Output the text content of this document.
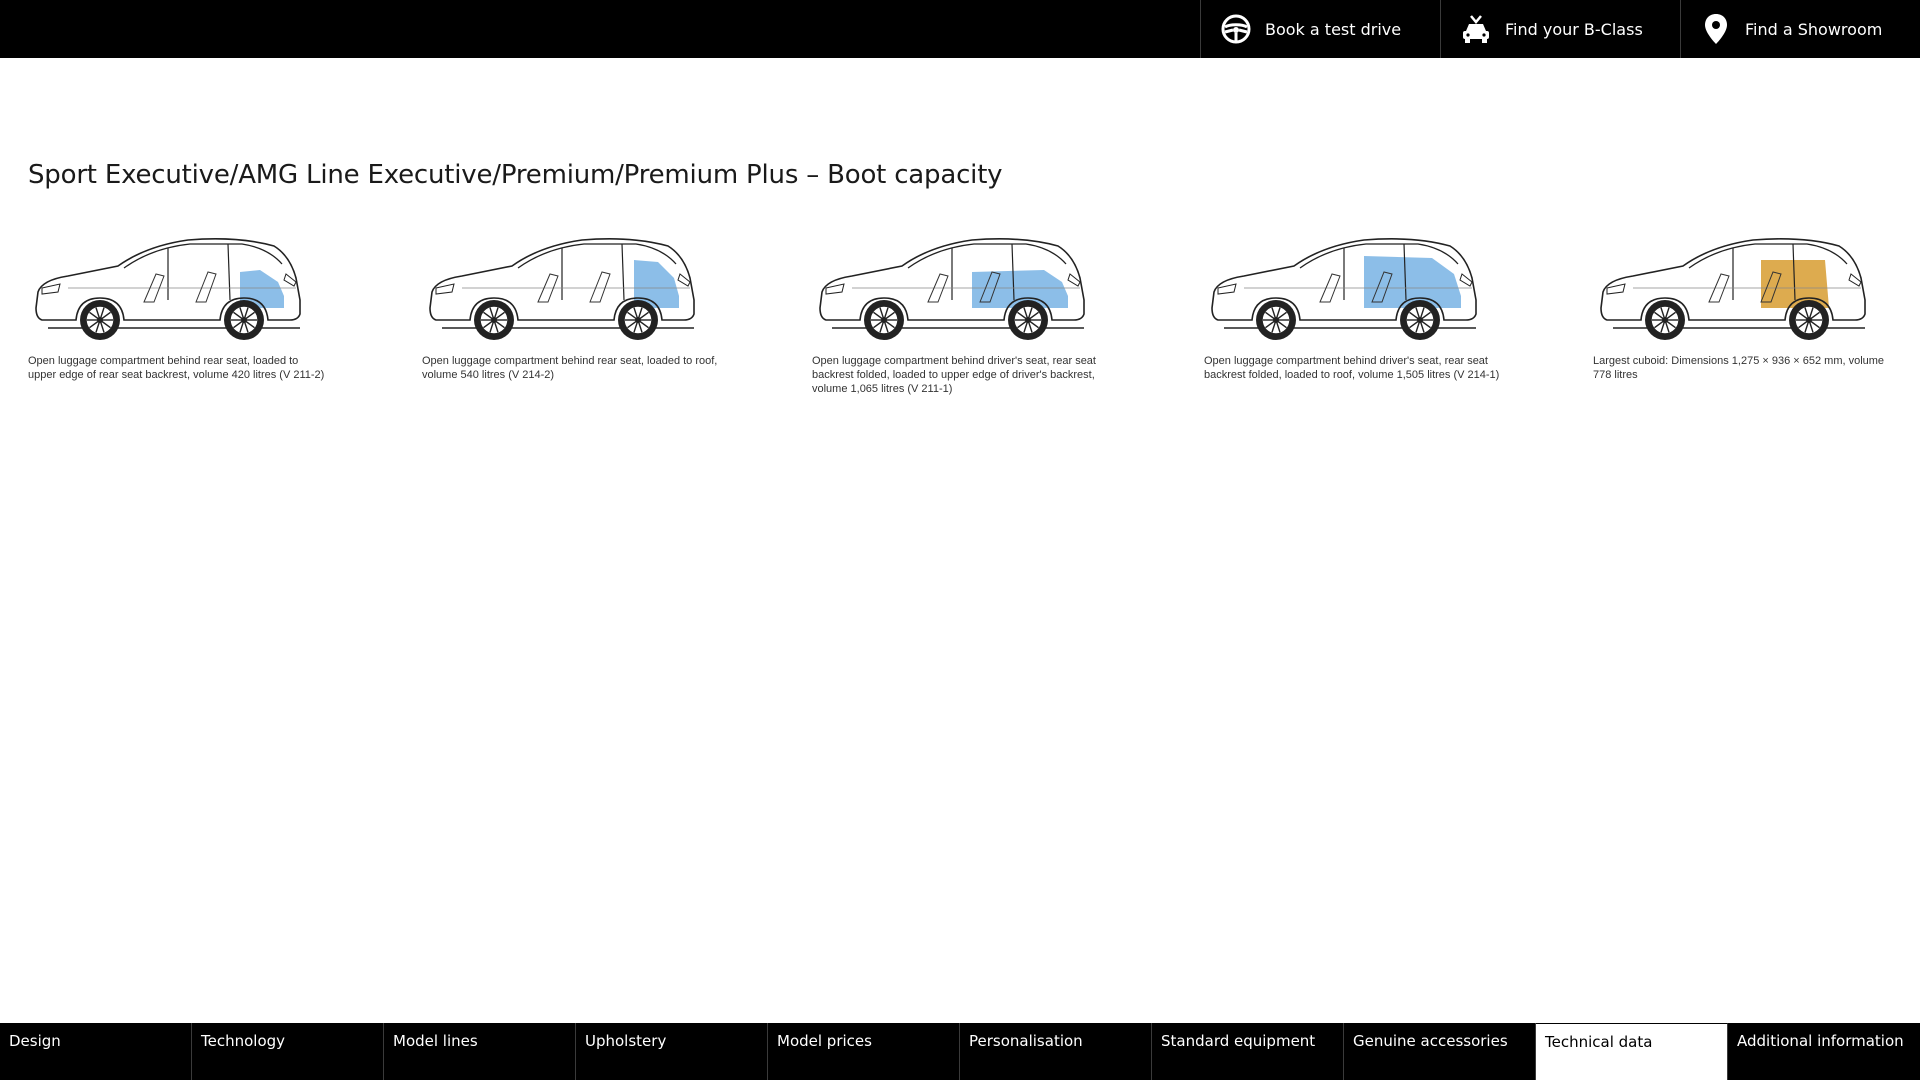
Book a test drive	Find your B-Class	Find a Showroom
Sport Executive/AMG Line Executive/Premium/Premium Plus – Boot capacity
Open luggage compartment behind rear seat, loaded to upper edge of rear seat backrest, volume 420 litres (V 211-2)
Open luggage compartment behind rear seat, loaded to roof, volume 540 litres (V 214-2)
Open luggage compartment behind driver's seat, rear seat backrest folded, loaded to upper edge of driver's backrest, volume 1,065 litres (V 211-1)
Open luggage compartment behind driver's seat, rear seat backrest folded, loaded to roof, volume 1,505 litres (V 214-1)
Largest cuboid: Dimensions 1,275 × 936 × 652 mm, volume 778 litres
Design	Technology	Model lines	Upholstery	Model prices	Personalisation	Standard equipment	Genuine accessories	Technical data	Additional information
